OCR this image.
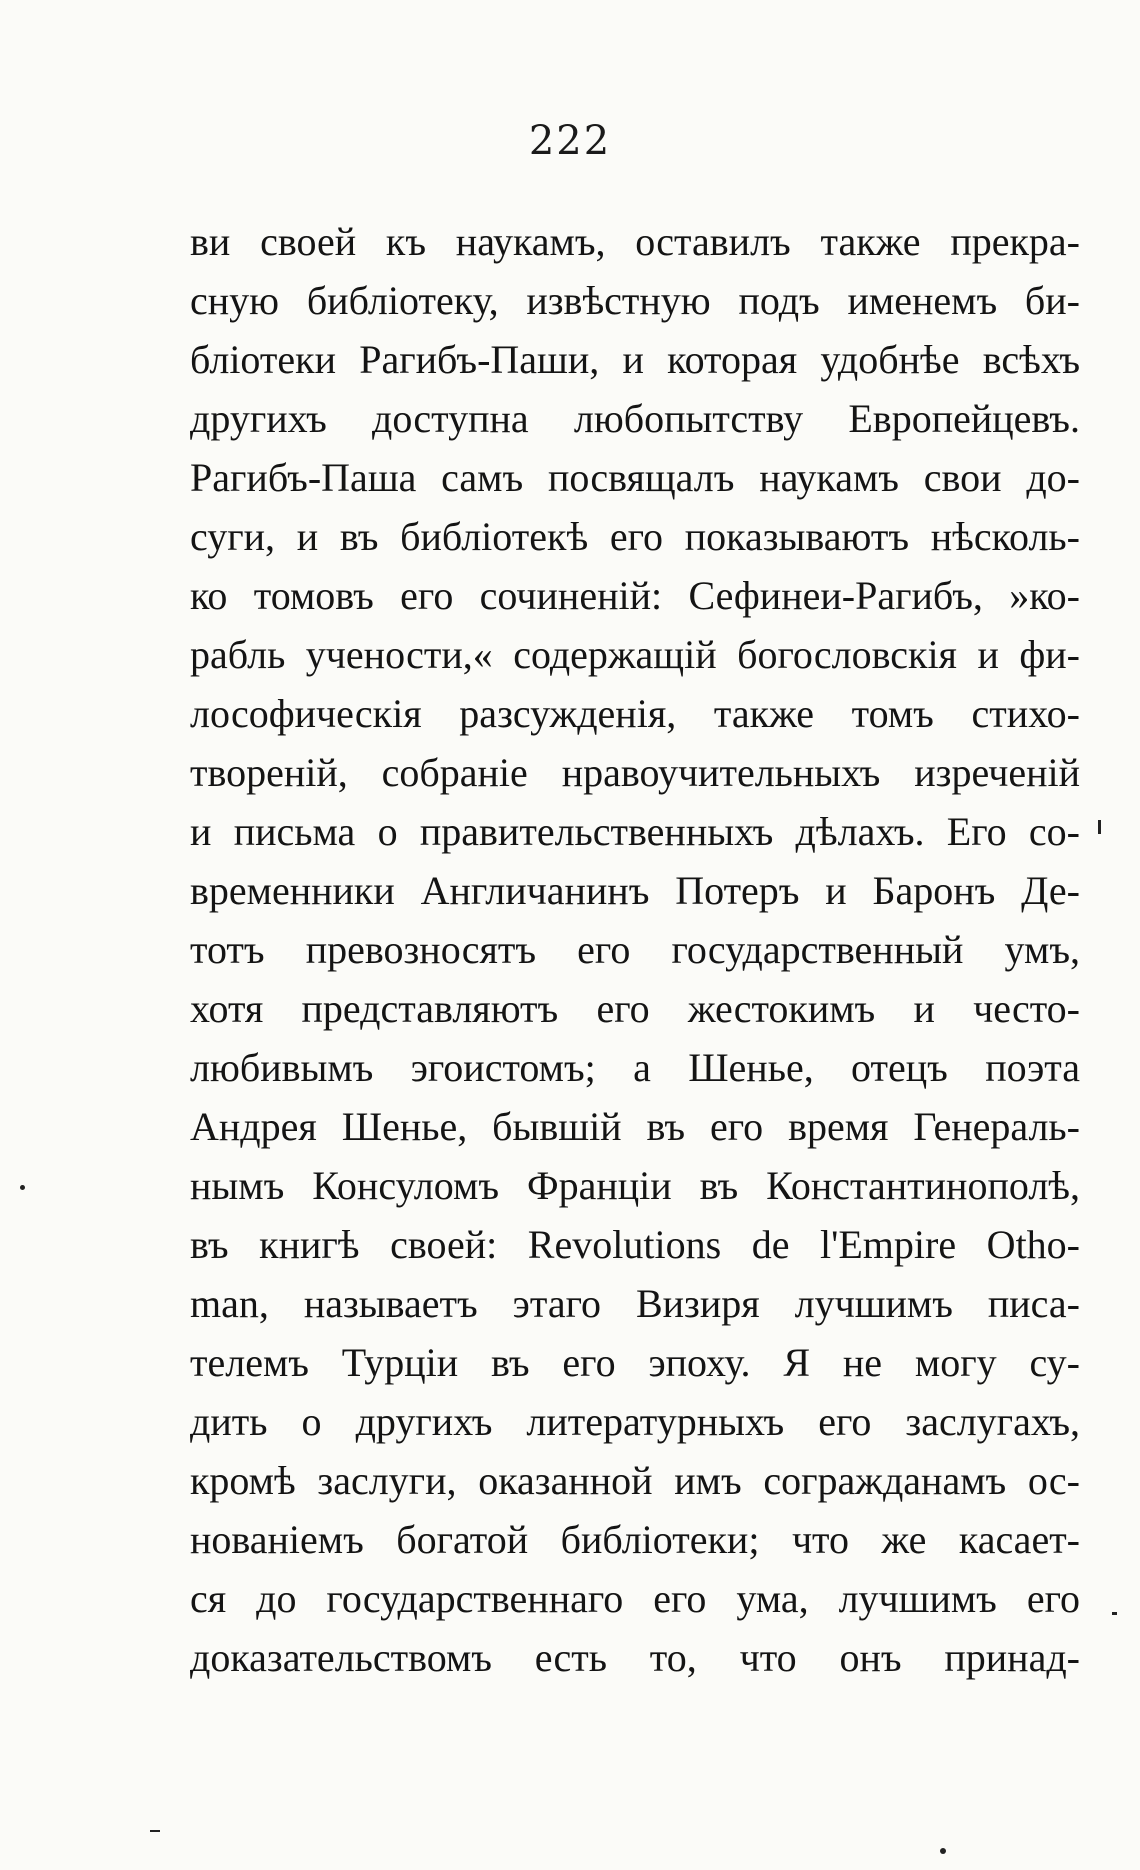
222
ви своей къ наукамъ, оставилъ также прекра-
сную библіотеку, извѣстную подъ именемъ би-
бліотеки Рагибъ-Паши, и которая удобнѣе всѣхъ
другихъ доступна любопытству Европейцевъ.
Рагибъ-Паша самъ посвящалъ наукамъ свои до-
суги, и въ библіотекѣ его показываютъ нѣсколь-
ко томовъ его сочиненій: Сефинеи-Рагибъ, »ко-
рабль учености,« содержащій богословскія и фи-
лософическія разсужденія, также томъ стихо-
твореній, собраніе нравоучительныхъ изреченій
и письма о правительственныхъ дѣлахъ. Его со-
временники Англичанинъ Потеръ и Баронъ Де-
тотъ превозносятъ его государственный умъ,
хотя представляютъ его жестокимъ и често-
любивымъ эгоистомъ; а Шенье, отецъ поэта
Андрея Шенье, бывшій въ его время Генераль-
нымъ Консуломъ Франціи въ Константинополѣ,
въ книгѣ своей: Revolutions de l'Empire Otho-
man, называетъ этаго Визиря лучшимъ писа-
телемъ Турціи въ его эпоху. Я не могу су-
дить о другихъ литературныхъ его заслугахъ,
кромѣ заслуги, оказанной имъ согражданамъ ос-
нованіемъ богатой библіотеки; что же касает-
ся до государственнаго его ума, лучшимъ его
доказательствомъ есть то, что онъ принад-
